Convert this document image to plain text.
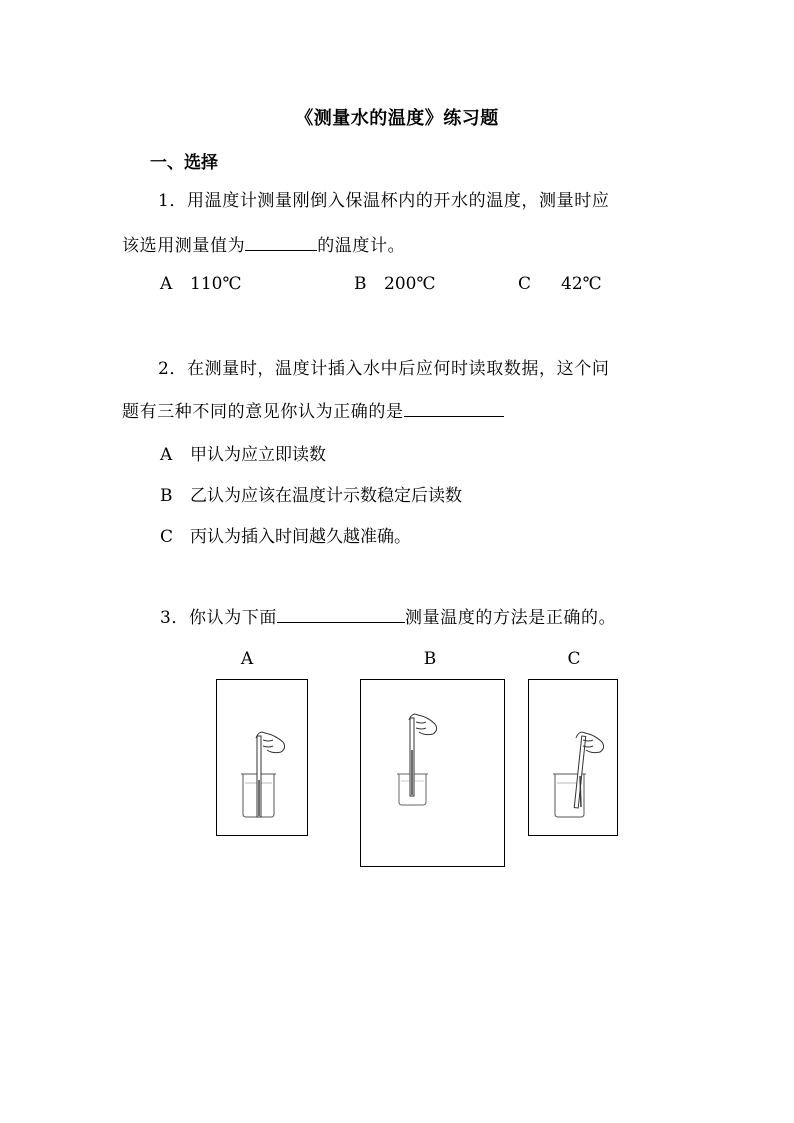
《测量水的温度》练习题
一、选择
1．用温度计测量刚倒入保温杯内的开水的温度，测量时应
该选用测量值为	的温度计。
A 110℃	B 200℃	C 42℃
2．在测量时，温度计插入水中后应何时读取数据，这个问
题有三种不同的意见你认为正确的是
A 甲认为应立即读数
B 乙认为应该在温度计示数稳定后读数
C 丙认为插入时间越久越准确。
3．你认为下面	测量温度的方法是正确的。
A	B	C
